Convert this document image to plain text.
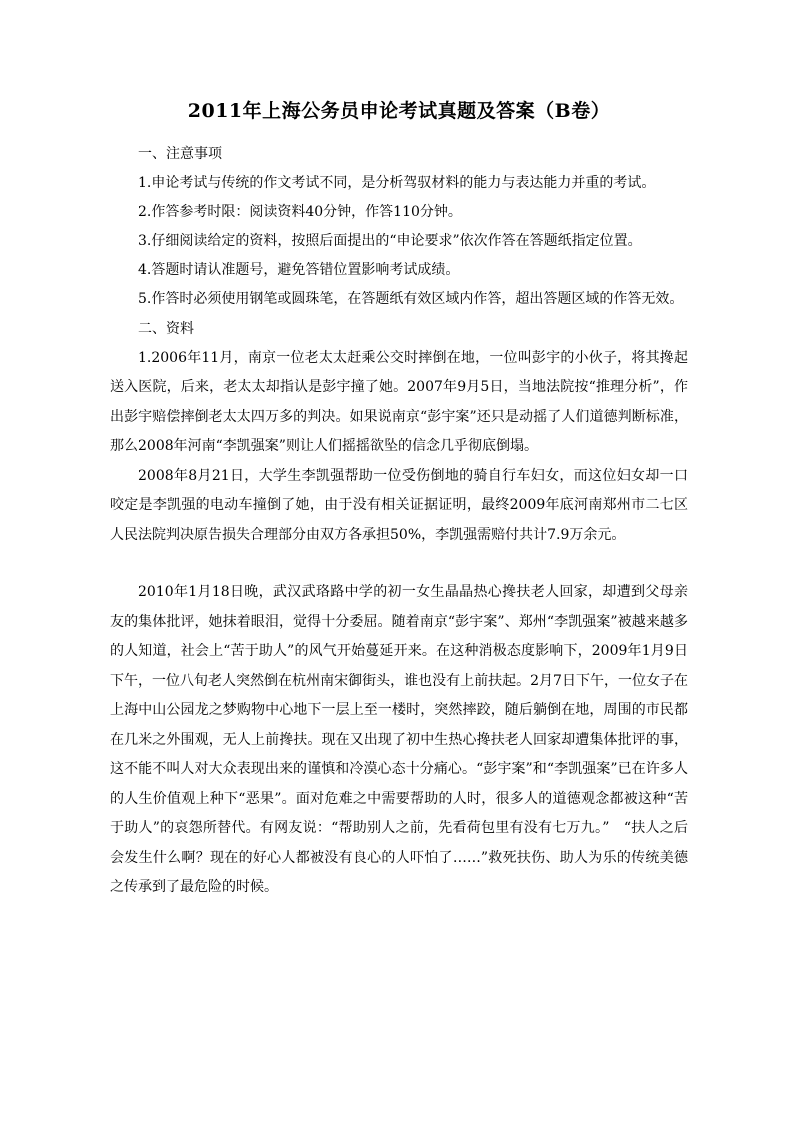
2011年上海公务员申论考试真题及答案（B卷）

一、注意事项

1.申论考试与传统的作文考试不同，是分析驾驭材料的能力与表达能力并重的考试。

2.作答参考时限：阅读资料40分钟，作答110分钟。

3.仔细阅读给定的资料，按照后面提出的“申论要求”依次作答在答题纸指定位置。

4.答题时请认准题号，避免答错位置影响考试成绩。

5.作答时必须使用钢笔或圆珠笔，在答题纸有效区域内作答，超出答题区域的作答无效。

二、资料

1.2006年11月，南京一位老太太赶乘公交时摔倒在地，一位叫彭宇的小伙子，将其搀起送入医院，后来，老太太却指认是彭宇撞了她。2007年9月5日，当地法院按“推理分析”，作出彭宇赔偿摔倒老太太四万多的判决。如果说南京“彭宇案”还只是动摇了人们道德判断标准，那么2008年河南“李凯强案”则让人们摇摇欲坠的信念几乎彻底倒塌。

2008年8月21日，大学生李凯强帮助一位受伤倒地的骑自行车妇女，而这位妇女却一口咬定是李凯强的电动车撞倒了她，由于没有相关证据证明，最终2009年底河南郑州市二七区人民法院判决原告损失合理部分由双方各承担50%，李凯强需赔付共计7.9万余元。

2010年1月18日晚，武汉武珞路中学的初一女生晶晶热心搀扶老人回家，却遭到父母亲友的集体批评，她抹着眼泪，觉得十分委屈。随着南京“彭宇案”、郑州“李凯强案”被越来越多的人知道，社会上“苦于助人”的风气开始蔓延开来。在这种消极态度影响下，2009年1月9日下午，一位八旬老人突然倒在杭州南宋御街头，谁也没有上前扶起。2月7日下午，一位女子在上海中山公园龙之梦购物中心地下一层上至一楼时，突然摔跤，随后躺倒在地，周围的市民都在几米之外围观，无人上前搀扶。现在又出现了初中生热心搀扶老人回家却遭集体批评的事，这不能不叫人对大众表现出来的谨慎和冷漠心态十分痛心。“彭宇案”和“李凯强案”已在许多人的人生价值观上种下“恶果”。面对危难之中需要帮助的人时，很多人的道德观念都被这种“苦于助人”的哀怨所替代。有网友说：“帮助别人之前，先看荷包里有没有七万九。”　“扶人之后会发生什么啊？现在的好心人都被没有良心的人吓怕了……”救死扶伤、助人为乐的传统美德之传承到了最危险的时候。
